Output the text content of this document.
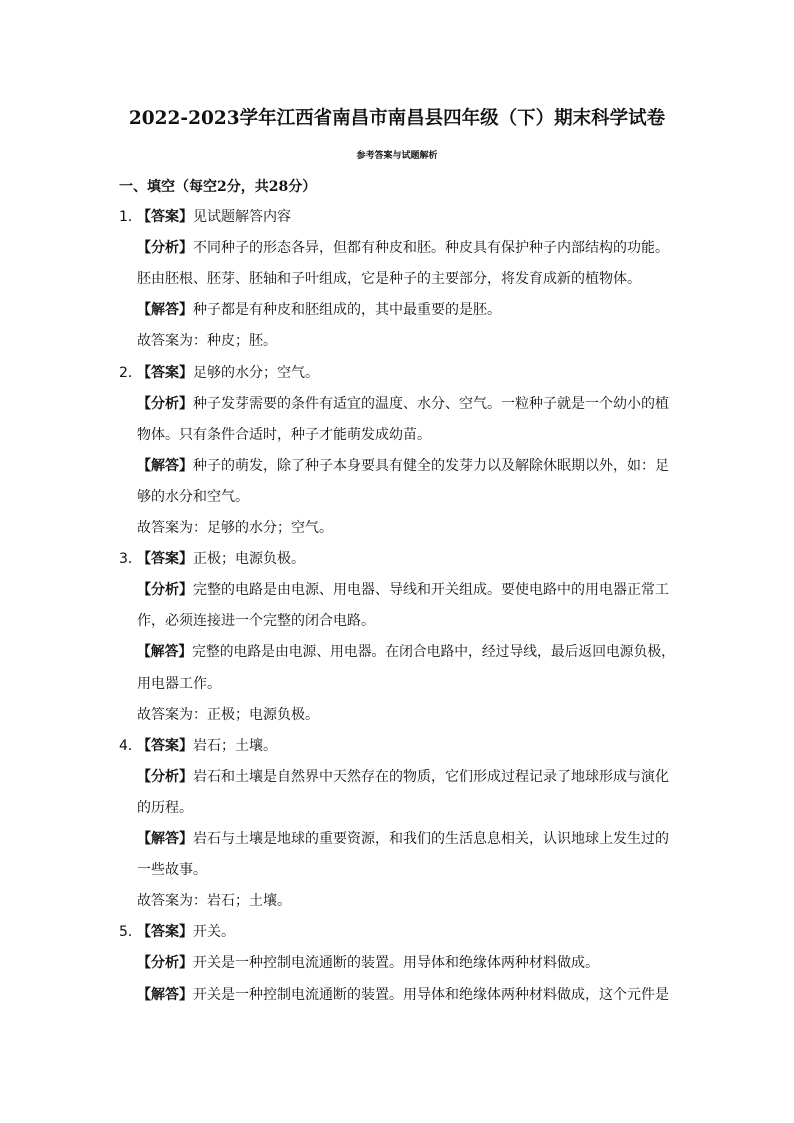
2022-2023学年江西省南昌市南昌县四年级（下）期末科学试卷
参考答案与试题解析
一、填空（每空2分，共28分）
1．
【答案】见试题解答内容
【分析】不同种子的形态各异，但都有种皮和胚。种皮具有保护种子内部结构的功能。
胚由胚根、胚芽、胚轴和子叶组成，它是种子的主要部分，将发育成新的植物体。
【解答】种子都是有种皮和胚组成的，其中最重要的是胚。
故答案为：种皮；胚。
2．
【答案】足够的水分；空气。
【分析】种子发芽需要的条件有适宜的温度、水分、空气。一粒种子就是一个幼小的植
物体。只有条件合适时，种子才能萌发成幼苗。
【解答】种子的萌发，除了种子本身要具有健全的发芽力以及解除休眠期以外，如：足
够的水分和空气。
故答案为：足够的水分；空气。
3．
【答案】正极；电源负极。
【分析】完整的电路是由电源、用电器、导线和开关组成。要使电路中的用电器正常工
作，必须连接进一个完整的闭合电路。
【解答】完整的电路是由电源、用电器。在闭合电路中，经过导线，最后返回电源负极，
用电器工作。
故答案为：正极；电源负极。
4．
【答案】岩石；土壤。
【分析】岩石和土壤是自然界中天然存在的物质，它们形成过程记录了地球形成与演化
的历程。
【解答】岩石与土壤是地球的重要资源，和我们的生活息息相关，认识地球上发生过的
一些故事。
故答案为：岩石；土壤。
5．
【答案】开关。
【分析】开关是一种控制电流通断的装置。用导体和绝缘体两种材料做成。
【解答】开关是一种控制电流通断的装置。用导体和绝缘体两种材料做成，这个元件是
